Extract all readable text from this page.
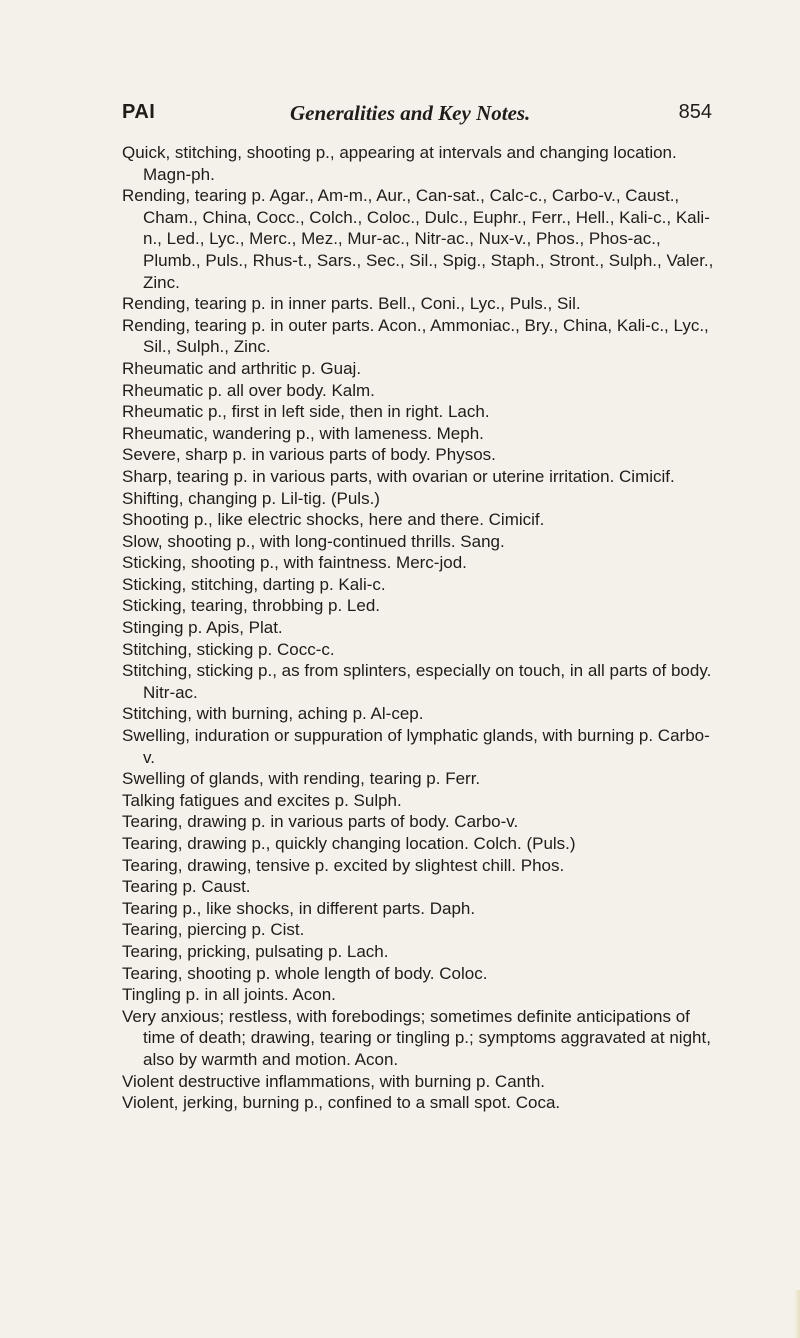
PAI	Generalities and Key Notes.	854
Quick, stitching, shooting p., appearing at intervals and changing location. Magn-ph.
Rending, tearing p. Agar., Am-m., Aur., Can-sat., Calc-c., Carbo-v., Caust., Cham., China, Cocc., Colch., Coloc., Dulc., Euphr., Ferr., Hell., Kali-c., Kali-n., Led., Lyc., Merc., Mez., Mur-ac., Nitr-ac., Nux-v., Phos., Phos-ac., Plumb., Puls., Rhus-t., Sars., Sec., Sil., Spig., Staph., Stront., Sulph., Valer., Zinc.
Rending, tearing p. in inner parts. Bell., Coni., Lyc., Puls., Sil.
Rending, tearing p. in outer parts. Acon., Ammoniac., Bry., China, Kali-c., Lyc., Sil., Sulph., Zinc.
Rheumatic and arthritic p. Guaj.
Rheumatic p. all over body. Kalm.
Rheumatic p., first in left side, then in right. Lach.
Rheumatic, wandering p., with lameness. Meph.
Severe, sharp p. in various parts of body. Physos.
Sharp, tearing p. in various parts, with ovarian or uterine irritation. Cimicif.
Shifting, changing p. Lil-tig. (Puls.)
Shooting p., like electric shocks, here and there. Cimicif.
Slow, shooting p., with long-continued thrills. Sang.
Sticking, shooting p., with faintness. Merc-jod.
Sticking, stitching, darting p. Kali-c.
Sticking, tearing, throbbing p. Led.
Stinging p. Apis, Plat.
Stitching, sticking p. Cocc-c.
Stitching, sticking p., as from splinters, especially on touch, in all parts of body. Nitr-ac.
Stitching, with burning, aching p. Al-cep.
Swelling, induration or suppuration of lymphatic glands, with burning p. Carbo-v.
Swelling of glands, with rending, tearing p. Ferr.
Talking fatigues and excites p. Sulph.
Tearing, drawing p. in various parts of body. Carbo-v.
Tearing, drawing p., quickly changing location. Colch. (Puls.)
Tearing, drawing, tensive p. excited by slightest chill. Phos.
Tearing p. Caust.
Tearing p., like shocks, in different parts. Daph.
Tearing, piercing p. Cist.
Tearing, pricking, pulsating p. Lach.
Tearing, shooting p. whole length of body. Coloc.
Tingling p. in all joints. Acon.
Very anxious; restless, with forebodings; sometimes definite anticipations of time of death; drawing, tearing or tingling p.; symptoms aggravated at night, also by warmth and motion. Acon.
Violent destructive inflammations, with burning p. Canth.
Violent, jerking, burning p., confined to a small spot. Coca.
